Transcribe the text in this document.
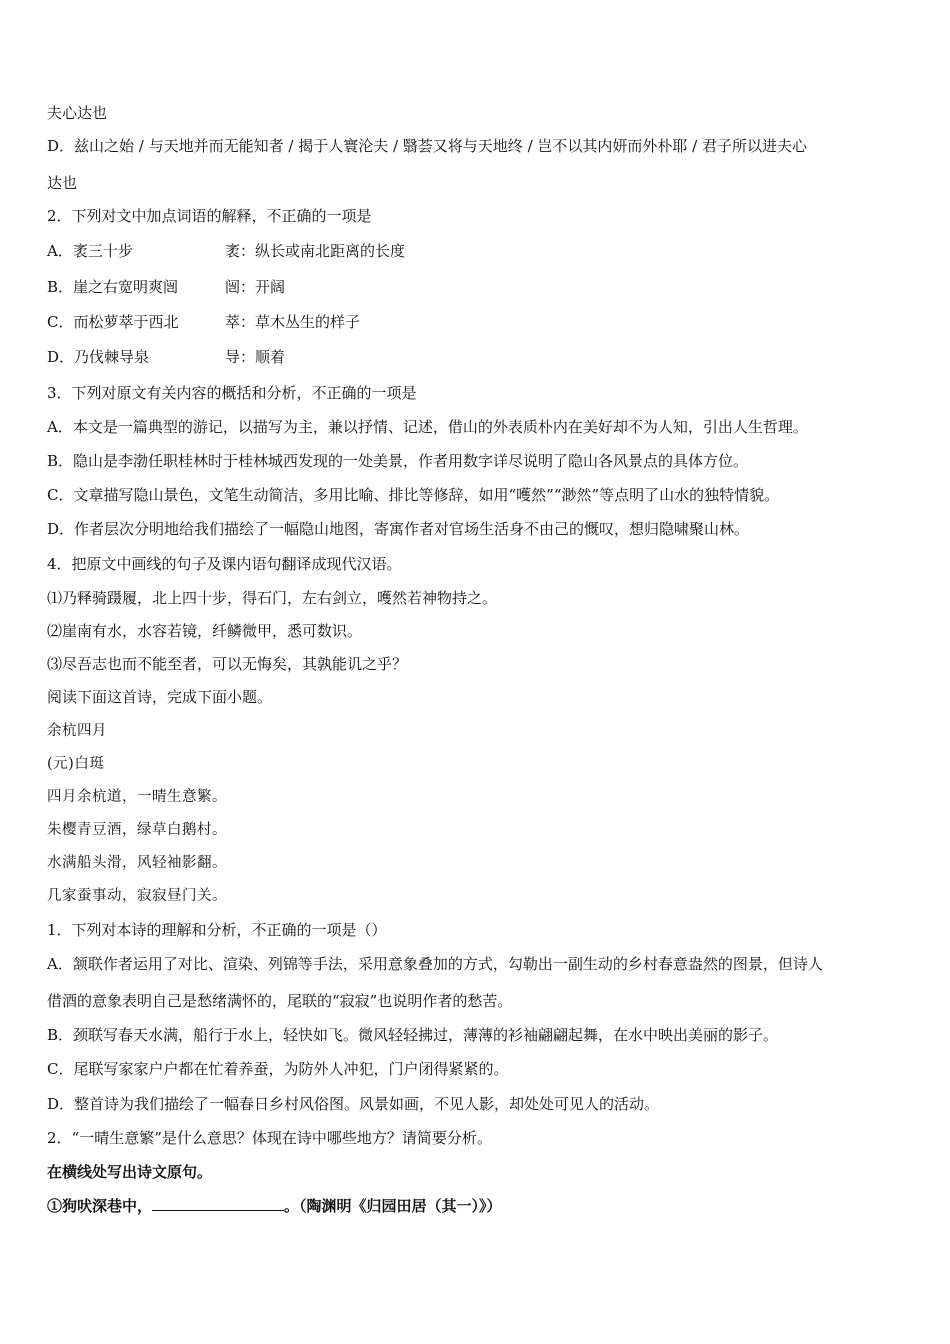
夫心达也
D．兹山之始 / 与天地并而无能知者 / 揭于人寰沦夫 / 翳荟又将与天地终 / 岂不以其内妍而外朴耶 / 君子所以进夫心
达也
2．下列对文中加点词语的解释，不正确的一项是
A．袤三十步	袤：纵长或南北距离的长度
B．崖之右宽明爽闿	闿：开阔
C．而松萝萃于西北	萃：草木丛生的样子
D．乃伐棘导泉	导：顺着
3．下列对原文有关内容的概括和分析，不正确的一项是
A．本文是一篇典型的游记，以描写为主，兼以抒情、记述，借山的外表质朴内在美好却不为人知，引出人生哲理。
B．隐山是李渤任职桂林时于桂林城西发现的一处美景，作者用数字详尽说明了隐山各风景点的具体方位。
C．文章描写隐山景色，文笔生动简洁，多用比喻、排比等修辞，如用“嚄然”“渺然”等点明了山水的独特情貌。
D．作者层次分明地给我们描绘了一幅隐山地图，寄寓作者对官场生活身不由己的慨叹，想归隐啸聚山林。
4．把原文中画线的句子及课内语句翻译成现代汉语。
⑴乃释骑蹑履，北上四十步，得石门，左右剑立，嚄然若神物持之。
⑵崖南有水，水容若镜，纤鳞微甲，悉可数识。
⑶尽吾志也而不能至者，可以无悔矣，其孰能讥之乎？
阅读下面这首诗，完成下面小题。
余杭四月
(元)白珽
四月余杭道，一晴生意繁。
朱樱青豆酒，绿草白鹅村。
水满船头滑，风轻袖影翻。
几家蚕事动，寂寂昼门关。
1．下列对本诗的理解和分析，不正确的一项是（）
A．颔联作者运用了对比、渲染、列锦等手法，采用意象叠加的方式，勾勒出一副生动的乡村春意盎然的图景，但诗人
借酒的意象表明自己是愁绪满怀的，尾联的“寂寂”也说明作者的愁苦。
B．颈联写春天水满，船行于水上，轻快如飞。微风轻轻拂过，薄薄的衫袖翩翩起舞，在水中映出美丽的影子。
C．尾联写家家户户都在忙着养蚕，为防外人冲犯，门户闭得紧紧的。
D．整首诗为我们描绘了一幅春日乡村风俗图。风景如画，不见人影，却处处可见人的活动。
2．“一晴生意繁”是什么意思？体现在诗中哪些地方？请简要分析。
在横线处写出诗文原句。
①狗吠深巷中，	。（陶渊明《归园田居（其一）》）
